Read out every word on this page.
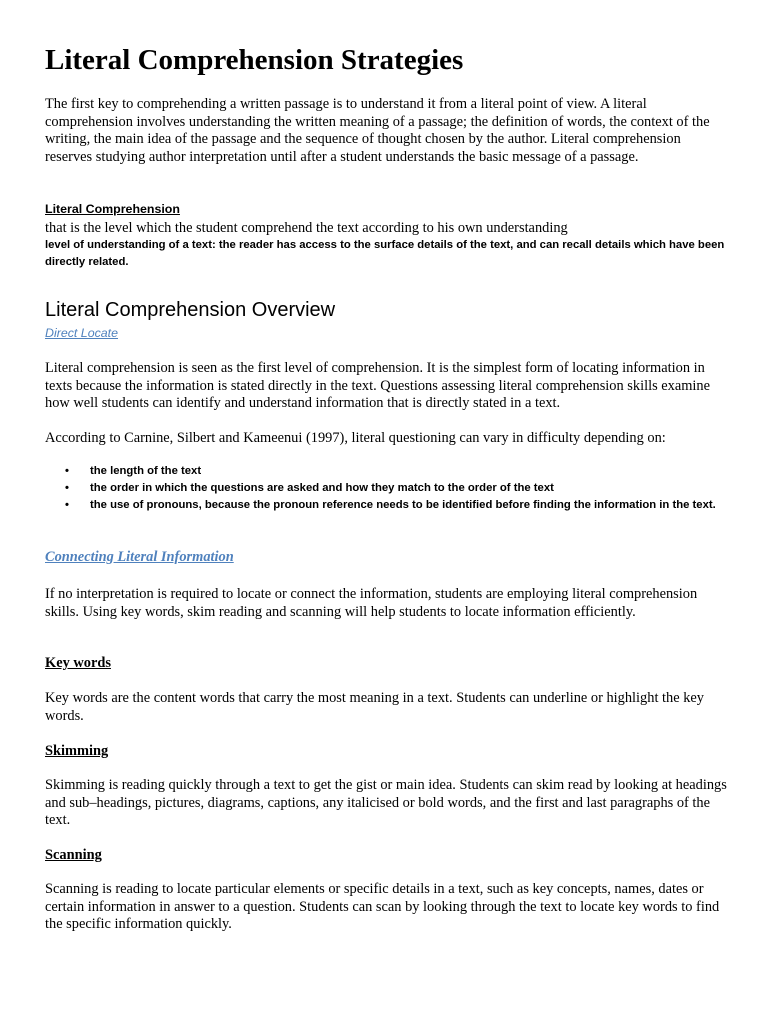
Literal Comprehension Strategies

The first key to comprehending a written passage is to understand it from a literal point of view. A literal comprehension involves understanding the written meaning of a passage; the definition of words, the context of the writing, the main idea of the passage and the sequence of thought chosen by the author. Literal comprehension reserves studying author interpretation until after a student understands the basic message of a passage.

Literal Comprehension

that is the level which the student comprehend the text according to his own understanding

level of understanding of a text: the reader has access to the surface details of the text, and can recall details which have been directly related.

Literal Comprehension Overview

Direct Locate

Literal comprehension is seen as the first level of comprehension. It is the simplest form of locating information in texts because the information is stated directly in the text. Questions assessing literal comprehension skills examine how well students can identify and understand information that is directly stated in a text.

According to Carnine, Silbert and Kameenui (1997), literal questioning can vary in difficulty depending on:

• the length of the text
• the order in which the questions are asked and how they match to the order of the text
• the use of pronouns, because the pronoun reference needs to be identified before finding the information in the text.

Connecting Literal Information

If no interpretation is required to locate or connect the information, students are employing literal comprehension skills. Using key words, skim reading and scanning will help students to locate information efficiently.

Key words

Key words are the content words that carry the most meaning in a text. Students can underline or highlight the key words.

Skimming

Skimming is reading quickly through a text to get the gist or main idea. Students can skim read by looking at headings and sub–headings, pictures, diagrams, captions, any italicised or bold words, and the first and last paragraphs of the text.

Scanning

Scanning is reading to locate particular elements or specific details in a text, such as key concepts, names, dates or certain information in answer to a question. Students can scan by looking through the text to locate key words to find the specific information quickly.
